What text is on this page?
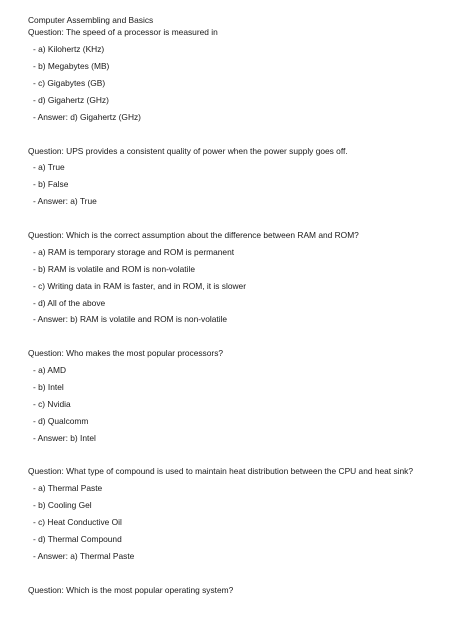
Computer Assembling and Basics
Question: The speed of a processor is measured in
- a) Kilohertz (KHz)
- b) Megabytes (MB)
- c) Gigabytes (GB)
- d) Gigahertz (GHz)
- Answer: d) Gigahertz (GHz)
Question: UPS provides a consistent quality of power when the power supply goes off.
- a) True
- b) False
- Answer: a) True
Question: Which is the correct assumption about the difference between RAM and ROM?
- a) RAM is temporary storage and ROM is permanent
- b) RAM is volatile and ROM is non-volatile
- c) Writing data in RAM is faster, and in ROM, it is slower
- d) All of the above
- Answer: b) RAM is volatile and ROM is non-volatile
Question: Who makes the most popular processors?
- a) AMD
- b) Intel
- c) Nvidia
- d) Qualcomm
- Answer: b) Intel
Question: What type of compound is used to maintain heat distribution between the CPU and heat sink?
- a) Thermal Paste
- b) Cooling Gel
- c) Heat Conductive Oil
- d) Thermal Compound
- Answer: a) Thermal Paste
Question: Which is the most popular operating system?
